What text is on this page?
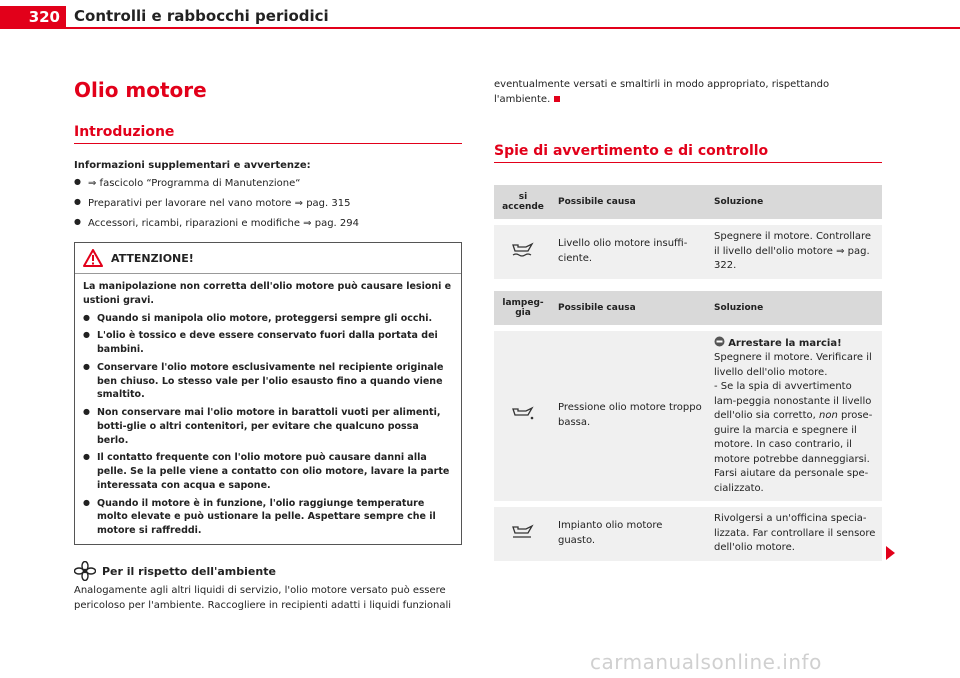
320 Controlli e rabbocchi periodici
Olio motore
Introduzione
Informazioni supplementari e avvertenze:
● ⇒ fascicolo “Programma di Manutenzione“
● Preparativi per lavorare nel vano motore ⇒ pag. 315
● Accessori, ricambi, riparazioni e modifiche ⇒ pag. 294
ATTENZIONE!
La manipolazione non corretta dell'olio motore può causare lesioni e ustioni gravi.
● Quando si manipola olio motore, proteggersi sempre gli occhi.
● L'olio è tossico e deve essere conservato fuori dalla portata dei bambini.
● Conservare l'olio motore esclusivamente nel recipiente originale ben chiuso. Lo stesso vale per l'olio esausto fino a quando viene smaltito.
● Non conservare mai l'olio motore in barattoli vuoti per alimenti, botti-glie o altri contenitori, per evitare che qualcuno possa berlo.
● Il contatto frequente con l'olio motore può causare danni alla pelle. Se la pelle viene a contatto con olio motore, lavare la parte interessata con acqua e sapone.
● Quando il motore è in funzione, l'olio raggiunge temperature molto elevate e può ustionare la pelle. Aspettare sempre che il motore si raffreddi.
Per il rispetto dell'ambiente
Analogamente agli altri liquidi di servizio, l'olio motore versato può essere pericoloso per l'ambiente. Raccogliere in recipienti adatti i liquidi funzionali
eventualmente versati e smaltirli in modo appropriato, rispettando l'ambiente.
Spie di avvertimento e di controllo
si accende	Possibile causa	Soluzione

	Livello olio motore insuffi-ciente.	Spegnere il motore. Controllare il livello dell'olio motore ⇒ pag. 322.
lampeg-gia	Possibile causa	Soluzione

	Pressione olio motore troppo bassa.	Arrestare la marcia!
Spegnere il motore. Verificare il livello dell'olio motore.
- Se la spia di avvertimento lam-peggia nonostante il livello dell'olio sia corretto, non prose-guire la marcia e spegnere il motore. In caso contrario, il motore potrebbe danneggiarsi. Farsi aiutare da personale spe-cializzato.

	Impianto olio motore guasto.	Rivolgersi a un'officina specia-lizzata. Far controllare il sensore dell'olio motore.
carmanualsonline.info
